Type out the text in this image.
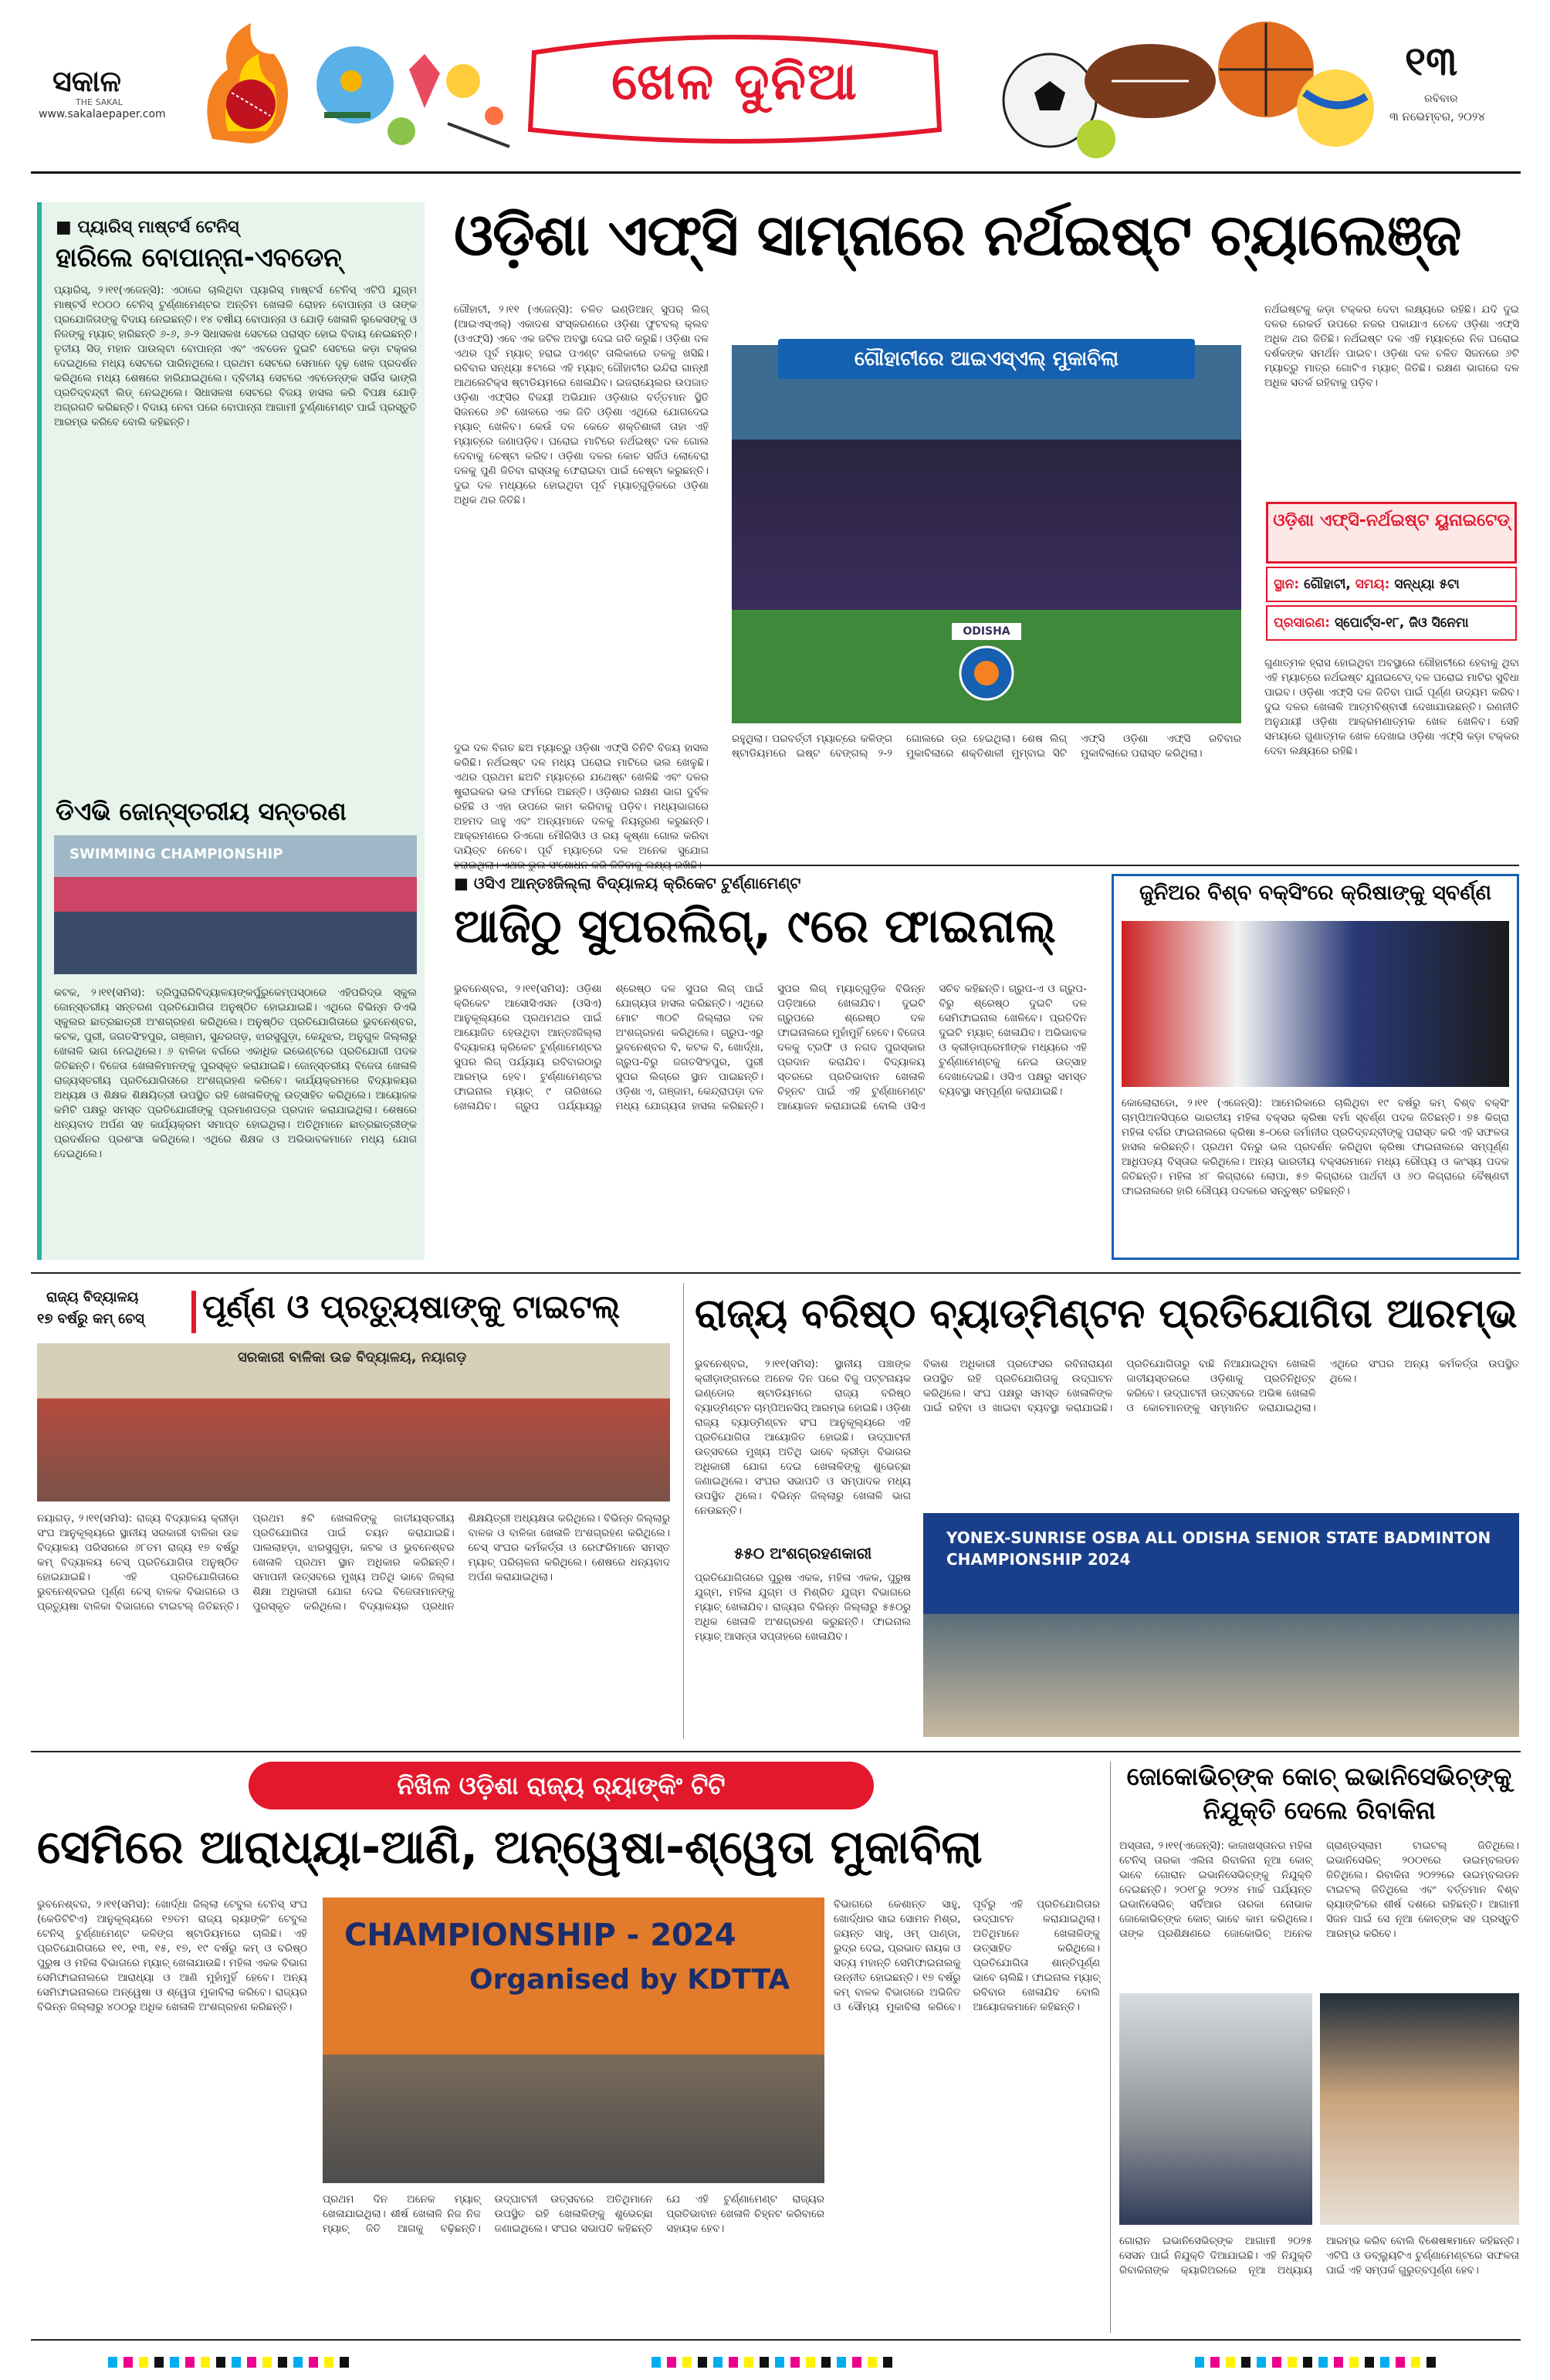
ସକାଳ
THE SAKAL
www.sakalaepaper.com
ଖେଳ ଦୁନିଆ	୧୩
ରବିବାର
୩ ନଭେମ୍ବର, ୨୦୨୪
■ ପ୍ୟାରିସ୍ ମାଷ୍ଟର୍ସ ଟେନିସ୍
ହାରିଲେ ବୋପାନ୍ନା-ଏବଡେନ୍
ପ୍ୟାରିସ୍, ୨।୧୧(ଏଜେନ୍ସି): ଏଠାରେ ଚାଲିଥିବା ପ୍ୟାରିସ୍ ମାଷ୍ଟର୍ସ ଟେନିସ୍ ଏଟିପି ଯୁଗ୍ମ ମାଷ୍ଟର୍ସ ୧୦୦୦ ଟେନିସ୍ ଟୁର୍ଣ୍ଣାମେଣ୍ଟର ଅନ୍ତିମ ଖେଳାଳି ରୋହନ ବୋପାନ୍ନା ଓ ତାଙ୍କ ପ୍ରଯୋଜିତାଙ୍କୁ ବିଦାୟ ନେଇଛନ୍ତି। ୧୪ ବର୍ଷୀୟ ବୋପାନ୍ନା ଓ ଯୋଡ଼ି ଖେଳାଳି ଲୁକେସଙ୍କୁ ଓ ନିଜଙ୍କୁ ମ୍ୟାଚ୍ ହାରିଛନ୍ତି ୬-୬, ୬-୨ ସିଧାସଳଖ ସେଟରେ ପରାସ୍ତ ହୋଇ ବିଦାୟ ନେଇଛନ୍ତି। ତୃତୀୟ ସିଡ୍ ମହାନ ପାଉଲ୍ଟା ବୋପାନ୍ନା ଏବଂ ଏବଡେନ ଦୁଇଟି ସେଟରେ କଡ଼ା ଟକ୍କର ଦେଇଥିଲେ ମଧ୍ୟ ସେଟରେ ପାରିନଥିଲେ। ପ୍ରଥମ ସେଟରେ ସେମାନେ ଦୃଢ଼ ଖେଳ ପ୍ରଦର୍ଶନ କରିଥିଲେ ମଧ୍ୟ ଶେଷରେ ହାରିଯାଇଥିଲେ। ଦ୍ବିତୀୟ ସେଟରେ ଏବଡେନ୍‌ଙ୍କ ସର୍ଭିସ ଭାଙ୍ଗି ପ୍ରତିଦ୍ବନ୍ଦ୍ବୀ ଲିଡ୍ ନେଇଥିଲେ। ସିଧାସଳଖ ସେଟରେ ବିଜୟ ହାସଲ କରି ବିପକ୍ଷ ଯୋଡ଼ି ଅଗ୍ରଗତି କରିଛନ୍ତି। ବିଦାୟ ନେବା ପରେ ବୋପାନ୍ନା ଆଗାମୀ ଟୁର୍ଣ୍ଣାମେଣ୍ଟ ପାଇଁ ପ୍ରସ୍ତୁତି ଆରମ୍ଭ କରିବେ ବୋଲି କହିଛନ୍ତି।
ଡିଏଭି ଜୋନ୍‌ସ୍ତରୀୟ ସନ୍ତରଣ
SWIMMING CHAMPIONSHIP
କଟକ, ୨।୧୧(ସମିସ): ତ୍ରିପୁରାରିବିଦ୍ୟାଳୟଙ୍କର୍ପୁରୁକେମ୍ପସ୍‌ଠାରେ ଏହିପରିଦ୍ଭ ସ୍କୁଲ ଜୋନ୍‌ସ୍ତରୀୟ ସନ୍ତରଣ ପ୍ରତିଯୋଗିତା ଅନୁଷ୍ଠିତ ହୋଇଯାଇଛି। ଏଥିରେ ବିଭିନ୍ନ ଡିଏଭି ସ୍କୁଲର ଛାତ୍ରଛାତ୍ରୀ ଅଂଶଗ୍ରହଣ କରିଥିଲେ। ଅନୁଷ୍ଠିତ ପ୍ରତିଯୋଗିତାରେ ଭୁବନେଶ୍ବର, କଟକ, ପୁରୀ, ଜଗତସିଂହପୁର, ଗଞ୍ଜାମ, ସୁନ୍ଦରଗଡ଼, ଝାରସୁଗୁଡ଼ା, କେନ୍ଦୁଝର, ଅନୁଗୁଳ ଜିଲ୍ଲାରୁ ଖେଳାଳି ଭାଗ ନେଇଥିଲେ। ୬ ବାଳିକା ବର୍ଗରେ ଏକାଧିକ ଇଭେଣ୍ଟରେ ପ୍ରତିଯୋଗୀ ପଦକ ଜିତିଛନ୍ତି। ବିଜେତା ଖେଳାଳିମାନଙ୍କୁ ପୁରସ୍କୃତ କରାଯାଇଛି। ଜୋନ୍‌ସ୍ତରୀୟ ବିଜେତା ଖେଳାଳି ରାଜ୍ୟସ୍ତରୀୟ ପ୍ରତିଯୋଗିତାରେ ଅଂଶଗ୍ରହଣ କରିବେ। କାର୍ଯ୍ୟକ୍ରମରେ ବିଦ୍ୟାଳୟର ଅଧ୍ୟକ୍ଷ ଓ ଶିକ୍ଷକ ଶିକ୍ଷୟିତ୍ରୀ ଉପସ୍ଥିତ ରହି ଖେଳାଳିଙ୍କୁ ଉତ୍ସାହିତ କରିଥିଲେ। ଆୟୋଜକ କମିଟି ପକ୍ଷରୁ ସମସ୍ତ ପ୍ରତିଯୋଗୀଙ୍କୁ ପ୍ରମାଣପତ୍ର ପ୍ରଦାନ କରାଯାଇଥିଲା। ଶେଷରେ ଧନ୍ୟବାଦ ଅର୍ପଣ ସହ କାର୍ଯ୍ୟକ୍ରମ ସମାପ୍ତ ହୋଇଥିଲା। ଅତିଥିମାନେ ଛାତ୍ରଛାତ୍ରୀଙ୍କ ପ୍ରଦର୍ଶନର ପ୍ରଶଂସା କରିଥିଲେ। ଏଥିରେ ଶିକ୍ଷକ ଓ ଅଭିଭାବକମାନେ ମଧ୍ୟ ଯୋଗ ଦେଇଥିଲେ।
ଓଡ଼ିଶା ଏଫ୍‌ସି ସାମ୍ନାରେ ନର୍ଥଇଷ୍ଟ ଚ୍ୟାଲେଞ୍ଜ
ଗୌହାଟୀ, ୨।୧୧ (ଏଜେନ୍ସି): ଚଳିତ ଇଣ୍ଡିଆନ୍ ସୁପର୍ ଲିଗ୍ (ଆଇଏସ୍‌ଏଲ୍) ଏକାଦଶ ସଂସ୍କରଣରେ ଓଡ଼ିଶା ଫୁଟବଲ୍ କ୍ଲବ (ଓଏଫ୍‌ସି) ଏବେ ଏକ ଜଟିଳ ଅବସ୍ଥା ଦେଇ ଗତି କରୁଛି। ଓଡ଼ିଶା ଦଳ ଏଥର ପୂର୍ବ ମ୍ୟାଚ୍ ହରାଇ ପଏଣ୍ଟ ତାଲିକାରେ ତଳକୁ ଖସିଛି। ରବିବାର ସନ୍ଧ୍ୟା ୫ଟାରେ ଏହି ମ୍ୟାଚ୍ ଗୌହାଟୀର ଇନ୍ଦିରା ଗାନ୍ଧୀ ଆଥଲେଟିକ୍ସ ଷ୍ଟାଡିୟମରେ ଖେଳାଯିବ। ଇଜରାୟେଲର ଉପଜାତ ଓଡ଼ିଶା ଏଫ୍‌ସିର ବିଜୟୀ ଅଭିଯାନ ଓଡ଼ିଶାର ବର୍ତ୍ତମାନ ସ୍ଥିତି ସିଜନରେ ୬ଟି ଖେଳରେ ଏକ ଜିତି ଓଡ଼ିଶା ଏଥିରେ ଯୋଗଦେଇ ମ୍ୟାଚ୍ ଖେଳିବ। କେଉଁ ଦଳ କେତେ ଶକ୍ତିଶାଳୀ ତାହା ଏହି ମ୍ୟାଚ୍‌ରେ ଜଣାପଡ଼ିବ। ଘରୋଇ ମାଟିରେ ନର୍ଥଇଷ୍ଟ ଦଳ ଗୋଲ ଦେବାକୁ ଚେଷ୍ଟା କରିବ। ଓଡ଼ିଶା ଦଳର କୋଚ ସର୍ଜିଓ ଲୋବେରା ଦଳକୁ ପୁଣି ଜିତିବା ରାସ୍ତାକୁ ଫେରାଇବା ପାଇଁ ଚେଷ୍ଟା କରୁଛନ୍ତି। ଦୁଇ ଦଳ ମଧ୍ୟରେ ହୋଇଥିବା ପୂର୍ବ ମ୍ୟାଚ୍‌ଗୁଡ଼ିକରେ ଓଡ଼ିଶା ଅଧିକ ଥର ଜିତିଛି।
ଗୌହାଟୀରେ ଆଇଏସ୍‌ଏଲ୍ ମୁକାବିଲା
ODISHA
ରହୁଥିଲା। ପରବର୍ତ୍ତୀ ମ୍ୟାଚ୍‌ରେ କଳିଙ୍ଗ ଷ୍ଟାଡିୟମରେ ଇଷ୍ଟ ବେଙ୍ଗଲ୍ ୨-୨ ଗୋଲରେ ଡ୍ର ହେଇଥିଲା। ଶେଷ ଲିଗ୍ ମୁକାବିଲାରେ ଶକ୍ତିଶାଳୀ ମୁମ୍ବାଇ ସିଟି ଏଫ୍‌ସି ଓଡ଼ିଶା ଏଫ୍‌ସି ରବିବାର ମୁକାବିଲାରେ ପରାସ୍ତ କରିଥିଲା।
ଦୁଇ ଦଳ ବିଗତ ଛଅ ମ୍ୟାଚ୍‌ରୁ ଓଡ଼ିଶା ଏଫ୍‌ସି ତିନିଟି ବିଜୟ ହାସଲ କରିଛି। ନର୍ଥଇଷ୍ଟ ଦଳ ମଧ୍ୟ ଘରୋଇ ମାଟିରେ ଭଲ ଖେଳୁଛି। ଏଥର ପ୍ରଥମ ଛଅଟି ମ୍ୟାଚ୍‌ରେ ଯଥେଷ୍ଟ ଖେଳିଛି ଏବଂ ଦଳର ଷ୍ଟ୍ରାଇକର ଭଲ ଫର୍ମରେ ଅଛନ୍ତି। ଓଡ଼ିଶାର ରକ୍ଷଣ ଭାଗ ଦୁର୍ବଳ ରହିଛି ଓ ଏହା ଉପରେ କାମ କରିବାକୁ ପଡ଼ିବ। ମଧ୍ୟଭାଗରେ ଅହମଦ ଜାହୁ ଏବଂ ଅନ୍ୟମାନେ ଦଳକୁ ନିୟନ୍ତ୍ରଣ କରୁଛନ୍ତି। ଆକ୍ରମଣରେ ଡିଏଗୋ ମୌରିସିଓ ଓ ରୟ କୃଷ୍ଣା ଗୋଲ କରିବା ଦାୟିତ୍ବ ନେବେ। ପୂର୍ବ ମ୍ୟାଚ୍‌ରେ ଦଳ ଅନେକ ସୁଯୋଗ ହରାଇଥିଲା। ଏଥର ଭୁଲ ସଂଶୋଧନ କରି ଜିତିବାକୁ ଲକ୍ଷ୍ୟ ରଖିଛି।
ନର୍ଥଇଷ୍ଟକୁ କଡ଼ା ଟକ୍କର ଦେବା ଲକ୍ଷ୍ୟରେ ରହିଛି। ଯଦି ଦୁଇ ଦଳର ରେକର୍ଡ ଉପରେ ନଜର ପକାଯାଏ ତେବେ ଓଡ଼ିଶା ଏଫ୍‌ସି ଅଧିକ ଥର ଜିତିଛି। ନର୍ଥଇଷ୍ଟ ଦଳ ଏହି ମ୍ୟାଚ୍‌ରେ ନିଜ ଘରୋଇ ଦର୍ଶକଙ୍କ ସମର୍ଥନ ପାଇବ। ଓଡ଼ିଶା ଦଳ ଚଳିତ ସିଜନରେ ୬ଟି ମ୍ୟାଚ୍‌ରୁ ମାତ୍ର ଗୋଟିଏ ମ୍ୟାଚ୍ ଜିତିଛି। ରକ୍ଷଣ ଭାଗରେ ଦଳ ଅଧିକ ସତର୍କ ରହିବାକୁ ପଡ଼ିବ।
ଓଡ଼ିଶା ଏଫ୍‌ସି-ନର୍ଥଇଷ୍ଟ ୟୁନାଇଟେଡ୍
ସ୍ଥାନ: ଗୌହାଟୀ, ସମୟ: ସନ୍ଧ୍ୟା ୫ଟା
ପ୍ରସାରଣ: ସ୍ପୋର୍ଟ୍ସ-୧୮, ଜିଓ ସିନେମା
ଗୁଣାତ୍ମକ ହ୍ରାସ ହୋଇଥିବା ଅବସ୍ଥାରେ ଗୌହାଟୀରେ ହେବାକୁ ଥିବା ଏହି ମ୍ୟାଚ୍‌ରେ ନର୍ଥଇଷ୍ଟ ଯୁନାଇଟେଡ୍ ଦଳ ଘରୋଇ ମାଟିର ସୁବିଧା ପାଇବ। ଓଡ଼ିଶା ଏଫ୍‌ସି ଦଳ ଜିତିବା ପାଇଁ ପୂର୍ଣ୍ଣ ଉଦ୍ୟମ କରିବ। ଦୁଇ ଦଳର ଖେଳାଳି ଆତ୍ମବିଶ୍ବାସୀ ଦେଖାଯାଉଛନ୍ତି। ରଣନୀତି ଅନୁଯାୟୀ ଓଡ଼ିଶା ଆକ୍ରମଣାତ୍ମକ ଖେଳ ଖେଳିବ। ସେହି ସମୟରେ ଗୁଣାତ୍ମକ ଖେଳ ଦେଖାଇ ଓଡ଼ିଶା ଏଫ୍‌ସି କଡ଼ା ଟକ୍କର ଦେବା ଲକ୍ଷ୍ୟରେ ରହିଛି।
■ ଓସିଏ ଆନ୍ତଃଜିଲ୍ଲା ବିଦ୍ୟାଳୟ କ୍ରିକେଟ ଟୁର୍ଣ୍ଣାମେଣ୍ଟ
ଆଜିଠୁ ସୁପରଲିଗ୍, ୯ରେ ଫାଇନାଲ୍
ଭୁବନେଶ୍ବର, ୨।୧୧(ସମିସ): ଓଡ଼ିଶା କ୍ରିକେଟ ଆସୋସିଏସନ (ଓସିଏ) ଆନୁକୂଲ୍ୟରେ ପ୍ରଥମଥର ପାଇଁ ଆୟୋଜିତ ହେଉଥିବା ଆନ୍ତଃଜିଲ୍ଲା ବିଦ୍ୟାଳୟ କ୍ରିକେଟ ଟୁର୍ଣ୍ଣାମେଣ୍ଟର ସୁପର ଲିଗ୍ ପର୍ଯ୍ୟାୟ ରବିବାରଠାରୁ ଆରମ୍ଭ ହେବ। ଟୁର୍ଣ୍ଣାମେଣ୍ଟର ଫାଇନାଲ ମ୍ୟାଚ୍ ୯ ତାରିଖରେ ଖେଳାଯିବ। ଗ୍ରୁପ ପର୍ଯ୍ୟାୟରୁ ଶ୍ରେଷ୍ଠ ଦଳ ସୁପର ଲିଗ୍ ପାଇଁ ଯୋଗ୍ୟତା ହାସଲ କରିଛନ୍ତି। ଏଥିରେ ମୋଟ ୩୦ଟି ଜିଲ୍ଲାର ଦଳ ଅଂଶଗ୍ରହଣ କରିଥିଲେ। ଗ୍ରୁପ-ଏରୁ ଭୁବନେଶ୍ବର ବି, କଟକ ବି, ଖୋର୍ଦ୍ଧା, ଗ୍ରୁପ-ବିରୁ ଜଗତସିଂହପୁର, ପୁରୀ ସୁପର ଲିଗ୍‌ରେ ସ୍ଥାନ ପାଇଛନ୍ତି। ଓଡ଼ିଶା ଏ, ଗଞ୍ଜାମ, କେନ୍ଦ୍ରାପଡ଼ା ଦଳ ମଧ୍ୟ ଯୋଗ୍ୟତା ହାସଲ କରିଛନ୍ତି। ସୁପର ଲିଗ୍ ମ୍ୟାଚ୍‌ଗୁଡ଼ିକ ବିଭିନ୍ନ ପଡ଼ିଆରେ ଖେଳାଯିବ। ଦୁଇଟି ଗ୍ରୁପରେ ଶ୍ରେଷ୍ଠ ଦଳ ଫାଇନାଲରେ ମୁହାଁମୁହିଁ ହେବେ। ବିଜେତା ଦଳକୁ ଟ୍ରଫି ଓ ନଗଦ ପୁରସ୍କାର ପ୍ରଦାନ କରାଯିବ। ବିଦ୍ୟାଳୟ ସ୍ତରରେ ପ୍ରତିଭାବାନ ଖେଳାଳି ଚିହ୍ନଟ ପାଇଁ ଏହି ଟୁର୍ଣ୍ଣାମେଣ୍ଟ ଆୟୋଜନ କରାଯାଇଛି ବୋଲି ଓସିଏ ସଚିବ କହିଛନ୍ତି। ଗ୍ରୁପ-ଏ ଓ ଗ୍ରୁପ-ବିରୁ ଶ୍ରେଷ୍ଠ ଦୁଇଟି ଦଳ ସେମିଫାଇନାଲ ଖେଳିବେ। ପ୍ରତିଦିନ ଦୁଇଟି ମ୍ୟାଚ୍ ଖେଳାଯିବ। ଅଭିଭାବକ ଓ କ୍ରୀଡ଼ାପ୍ରେମୀଙ୍କ ମଧ୍ୟରେ ଏହି ଟୁର୍ଣ୍ଣାମେଣ୍ଟକୁ ନେଇ ଉତ୍ସାହ ଦେଖାଦେଇଛି। ଓସିଏ ପକ୍ଷରୁ ସମସ୍ତ ବ୍ୟବସ୍ଥା ସମ୍ପୂର୍ଣ୍ଣ କରାଯାଇଛି।
ଜୁନିଅର ବିଶ୍ବ ବକ୍ସିଂରେ କ୍ରିଷାଙ୍କୁ ସ୍ବର୍ଣ୍ଣ
କୋଲୋରାଡୋ, ୨।୧୧ (ଏଜେନ୍ସି): ଆମେରିକାରେ ଚାଲିଥିବା ୧୯ ବର୍ଷରୁ କମ୍ ବିଶ୍ବ ବକ୍ସିଂ ଚାମ୍ପିଅନସିପ୍‌ରେ ଭାରତୀୟ ମହିଳା ବକ୍ସର କ୍ରିଷା ବର୍ମା ସ୍ବର୍ଣ୍ଣ ପଦକ ଜିତିଛନ୍ତି। ୭୫ କିଗ୍ରା ମହିଳା ବର୍ଗର ଫାଇନାଲରେ କ୍ରିଷା ୫-୦ରେ ଜର୍ମାନୀର ପ୍ରତିଦ୍ବନ୍ଦ୍ବୀଙ୍କୁ ପରାସ୍ତ କରି ଏହି ସଫଳତା ହାସଲ କରିଛନ୍ତି। ପ୍ରଥମ ଦିନରୁ ଭଲ ପ୍ରଦର୍ଶନ କରିଥିବା କ୍ରିଷା ଫାଇନାଲରେ ସମ୍ପୂର୍ଣ୍ଣ ଆଧିପତ୍ୟ ବିସ୍ତାର କରିଥିଲେ। ଅନ୍ୟ ଭାରତୀୟ ବକ୍ସରମାନେ ମଧ୍ୟ ରୌପ୍ୟ ଓ କାଂସ୍ୟ ପଦକ ଜିତିଛନ୍ତି। ମହିଳା ୪୮ କିଗ୍ରାରେ ଲୋପା, ୫୭ କିଗ୍ରାରେ ପାର୍ଥବୀ ଓ ୬୦ କିଗ୍ରାରେ ବୈଷ୍ଣବୀ ଫାଇନାଲରେ ହାରି ରୌପ୍ୟ ପଦକରେ ସନ୍ତୁଷ୍ଟ ରହିଛନ୍ତି।
ରାଜ୍ୟ ବିଦ୍ୟାଳୟ
୧୭ ବର୍ଷରୁ କମ୍ ଚେସ୍ ପୂର୍ଣ୍ଣ ଓ ପ୍ରତ୍ୟୁଷାଙ୍କୁ ଟାଇଟଲ୍
ସରକାରୀ ବାଳିକା ଉଚ୍ଚ ବିଦ୍ୟାଳୟ, ନୟାଗଡ଼
ନୟାଗଡ଼, ୨।୧୧(ସମିସ): ରାଜ୍ୟ ବିଦ୍ୟାଳୟ କ୍ରୀଡ଼ା ସଂଘ ଆନୁକୂଲ୍ୟରେ ସ୍ଥାନୀୟ ସରକାରୀ ବାଳିକା ଉଚ୍ଚ ବିଦ୍ୟାଳୟ ପରିସରରେ ୬୮ତମ ରାଜ୍ୟ ୧୭ ବର୍ଷରୁ କମ୍ ବିଦ୍ୟାଳୟ ଚେସ୍ ପ୍ରତିଯୋଗିତା ଅନୁଷ୍ଠିତ ହୋଇଯାଇଛି। ଏହି ପ୍ରତିଯୋଗିତାରେ ଭୁବନେଶ୍ବରର ପୂର୍ଣ୍ଣ ଚେସ୍ ବାଳକ ବିଭାଗରେ ଓ ପ୍ରତ୍ୟୁଷା ବାଳିକା ବିଭାଗରେ ଟାଇଟଲ୍ ଜିତିଛନ୍ତି। ପ୍ରଥମ ୫ଟି ଖେଳାଳିଙ୍କୁ ଜାତୀୟସ୍ତରୀୟ ପ୍ରତିଯୋଗିତା ପାଇଁ ଚୟନ କରାଯାଇଛି। ପାଲଲାହଡ଼ା, ଝାରସୁଗୁଡ଼ା, କଟକ ଓ ଭୁବନେଶ୍ବର ଖେଳାଳି ପ୍ରଥମ ସ୍ଥାନ ଅଧିକାର କରିଛନ୍ତି। ସମାପନୀ ଉତ୍ସବରେ ମୁଖ୍ୟ ଅତିଥି ଭାବେ ଜିଲ୍ଲା ଶିକ୍ଷା ଅଧିକାରୀ ଯୋଗ ଦେଇ ବିଜେତାମାନଙ୍କୁ ପୁରସ୍କୃତ କରିଥିଲେ। ବିଦ୍ୟାଳୟର ପ୍ରଧାନ ଶିକ୍ଷୟିତ୍ରୀ ଅଧ୍ୟକ୍ଷତା କରିଥିଲେ। ବିଭିନ୍ନ ଜିଲ୍ଲାରୁ ବାଳକ ଓ ବାଳିକା ଖେଳାଳି ଅଂଶଗ୍ରହଣ କରିଥିଲେ। ଚେସ୍ ସଂଘର କର୍ମକର୍ତ୍ତା ଓ ରେଫରିମାନେ ସମସ୍ତ ମ୍ୟାଚ୍ ପରିଚାଳନା କରିଥିଲେ। ଶେଷରେ ଧନ୍ୟବାଦ ଅର୍ପଣ କରାଯାଇଥିଲା।
ରାଜ୍ୟ ବରିଷ୍ଠ ବ୍ୟାଡ୍‌ମିଣ୍ଟନ ପ୍ରତିଯୋଗିତା ଆରମ୍ଭ
ଭୁବନେଶ୍ବର, ୨।୧୧(ସମିସ): ସ୍ଥାନୀୟ ପଞ୍ଚାଙ୍କ କ୍ରୀଡ଼ାଙ୍ଗନରେ ଅନେକ ଦିନ ପରେ ବିଜୁ ପଟ୍ଟନାୟକ ଇଣ୍ଡୋର ଷ୍ଟାଡିୟମରେ ରାଜ୍ୟ ବରିଷ୍ଠ ବ୍ୟାଡ୍‌ମିଣ୍ଟନ ଚାମ୍ପିଅନସିପ୍ ଆରମ୍ଭ ହୋଇଛି। ଓଡ଼ିଶା ରାଜ୍ୟ ବ୍ୟାଡ୍‌ମିଣ୍ଟନ ସଂଘ ଆନୁକୂଲ୍ୟରେ ଏହି ପ୍ରତିଯୋଗିତା ଆୟୋଜିତ ହୋଇଛି। ଉଦ୍‌ଘାଟନୀ ଉତ୍ସବରେ ମୁଖ୍ୟ ଅତିଥି ଭାବେ କ୍ରୀଡ଼ା ବିଭାଗର ଅଧିକାରୀ ଯୋଗ ଦେଇ ଖେଳାଳିଙ୍କୁ ଶୁଭେଚ୍ଛା ଜଣାଇଥିଲେ। ସଂଘର ସଭାପତି ଓ ସମ୍ପାଦକ ମଧ୍ୟ ଉପସ୍ଥିତ ଥିଲେ। ବିଭିନ୍ନ ଜିଲ୍ଲାରୁ ଖେଳାଳି ଭାଗ ନେଉଛନ୍ତି।
ବିକାଶ ଅଧିକାରୀ ପ୍ରଫେସର ରବିନାରାୟଣ ଉପସ୍ଥିତ ରହି ପ୍ରତିଯୋଗିତାକୁ ଉଦ୍‌ଘାଟନ କରିଥିଲେ। ସଂଘ ପକ୍ଷରୁ ସମସ୍ତ ଖେଳାଳିଙ୍କ ପାଇଁ ରହିବା ଓ ଖାଇବା ବ୍ୟବସ୍ଥା କରାଯାଇଛି। ପ୍ରତିଯୋଗିତାରୁ ବାଛି ନିଆଯାଇଥିବା ଖେଳାଳି ଜାତୀୟସ୍ତରରେ ଓଡ଼ିଶାକୁ ପ୍ରତିନିଧିତ୍ବ କରିବେ। ଉଦ୍‌ଘାଟନୀ ଉତ୍ସବରେ ଅଭିଜ୍ଞ ଖେଳାଳି ଓ କୋଚମାନଙ୍କୁ ସମ୍ମାନିତ କରାଯାଇଥିଲା। ଏଥିରେ ସଂଘର ଅନ୍ୟ କର୍ମକର୍ତ୍ତା ଉପସ୍ଥିତ ଥିଲେ।
୫୫୦ ଅଂଶଗ୍ରହଣକାରୀ
ପ୍ରତିଯୋଗିତାରେ ପୁରୁଷ ଏକକ, ମହିଳା ଏକକ, ପୁରୁଷ ଯୁଗ୍ମ, ମହିଳା ଯୁଗ୍ମ ଓ ମିଶ୍ରିତ ଯୁଗ୍ମ ବିଭାଗରେ ମ୍ୟାଚ୍ ଖେଳାଯିବ। ରାଜ୍ୟର ବିଭିନ୍ନ ଜିଲ୍ଲାରୁ ୫୫୦ରୁ ଅଧିକ ଖେଳାଳି ଅଂଶଗ୍ରହଣ କରୁଛନ୍ତି। ଫାଇନାଲ ମ୍ୟାଚ୍ ଆସନ୍ତା ସପ୍ତାହରେ ଖେଳାଯିବ।
YONEX-SUNRISE OSBA ALL ODISHA SENIOR STATE BADMINTON CHAMPIONSHIP 2024
ନିଖିଳ ଓଡ଼ିଶା ରାଜ୍ୟ ର‍୍ୟାଙ୍କିଂ ଟିଟି
ସେମିରେ ଆରାଧ୍ୟା-ଆଣି, ଅନ୍ୱେଷା-ଶ୍ୱେତା ମୁକାବିଲା
ଭୁବନେଶ୍ବର, ୨।୧୧(ସମିସ): ଖୋର୍ଦ୍ଧା ଜିଲ୍ଲା ଟେବୁଲ ଟେନିସ୍ ସଂଘ (କେଡିଟିଟିଏ) ଆନୁକୂଲ୍ୟରେ ୧୭ତମ ରାଜ୍ୟ ର‍୍ୟାଙ୍କିଂ ଟେବୁଲ ଟେନିସ୍ ଟୁର୍ଣ୍ଣାମେଣ୍ଟ କଳିଙ୍ଗ ଷ୍ଟାଡିୟମରେ ଚାଲିଛି। ଏହି ପ୍ରତିଯୋଗିତାରେ ୧୧, ୧୩, ୧୫, ୧୭, ୧୯ ବର୍ଷରୁ କମ୍ ଓ ବରିଷ୍ଠ ପୁରୁଷ ଓ ମହିଳା ବିଭାଗରେ ମ୍ୟାଚ୍ ଖେଳାଯାଉଛି। ମହିଳା ଏକକ ବିଭାଗ ସେମିଫାଇନାଲରେ ଆରାଧ୍ୟା ଓ ଆଣି ମୁହାଁମୁହିଁ ହେବେ। ଅନ୍ୟ ସେମିଫାଇନାଲରେ ଅନ୍ୱେଷା ଓ ଶ୍ୱେତା ମୁକାବିଲା କରିବେ। ରାଜ୍ୟର ବିଭିନ୍ନ ଜିଲ୍ଲାରୁ ୪୦୦ରୁ ଅଧିକ ଖେଳାଳି ଅଂଶଗ୍ରହଣ କରିଛନ୍ତି।
CHAMPIONSHIP - 2024
Organised by KDTTA
ପ୍ରଥମ ଦିନ ଅନେକ ମ୍ୟାଚ୍ ଖେଳାଯାଇଥିଲା। ଶୀର୍ଷ ଖେଳାଳି ନିଜ ନିଜ ମ୍ୟାଚ୍ ଜିତି ଆଗକୁ ବଢ଼ିଛନ୍ତି। ଉଦ୍‌ଘାଟନୀ ଉତ୍ସବରେ ଅତିଥିମାନେ ଉପସ୍ଥିତ ରହି ଖେଳାଳିଙ୍କୁ ଶୁଭେଚ୍ଛା ଜଣାଇଥିଲେ। ସଂଘର ସଭାପତି କହିଛନ୍ତି ଯେ ଏହି ଟୁର୍ଣ୍ଣାମେଣ୍ଟ ରାଜ୍ୟର ପ୍ରତିଭାବାନ ଖେଳାଳି ଚିହ୍ନଟ କରିବାରେ ସହାୟକ ହେବ।
ବିଭାଗରେ କେଶାନ୍ତ ସାହୁ, ଖୋର୍ଦ୍ଧାର ସାଇ ସୋମନ ମିଶ୍ର, ଜୟନ୍ତ ସାହୁ, ଓମ୍ ପାଣ୍ଡା, ରୁଦ୍ର ଦେଇ, ପ୍ରଭାତ ନାୟକ ଓ ସତ୍ୟ ମହାନ୍ତି ସେମିଫାଇନାଲକୁ ଉନ୍ନୀତ ହୋଇଛନ୍ତି। ୧୭ ବର୍ଷରୁ କମ୍ ବାଳକ ବିଭାଗରେ ଅଭିଜିତ ଓ ସୌମ୍ୟ ମୁକାବିଲା କରିବେ। ପୂର୍ବରୁ ଏହି ପ୍ରତିଯୋଗିତାର ଉଦ୍‌ଘାଟନ କରାଯାଇଥିଲା। ଅତିଥିମାନେ ଖେଳାଳିଙ୍କୁ ଉତ୍ସାହିତ କରିଥିଲେ। ପ୍ରତିଯୋଗିତା ଶାନ୍ତିପୂର୍ଣ୍ଣ ଭାବେ ଚାଲିଛି। ଫାଇନାଲ ମ୍ୟାଚ୍ ରବିବାର ଖେଳାଯିବ ବୋଲି ଆୟୋଜକମାନେ କହିଛନ୍ତି।
ଜୋକୋଭିଚ୍‌ଙ୍କ କୋଚ୍ ଇଭାନିସେଭିଚ୍‌ଙ୍କୁ
ନିଯୁକ୍ତି ଦେଲେ ରିବାକିନା
ଅସ୍ତାନା, ୨।୧୧(ଏଜେନ୍ସି): କାଜାଖସ୍ତାନର ମହିଳା ଟେନିସ୍ ତାରକା ଏଲିନା ରିବାକିନା ନୂଆ କୋଚ୍ ଭାବେ ଗୋରାନ ଇଭାନିସେଭିଚ୍‌ଙ୍କୁ ନିଯୁକ୍ତି ଦେଇଛନ୍ତି। ୨୦୧୮ରୁ ୨୦୨୪ ମାର୍ଚ୍ଚ ପର୍ଯ୍ୟନ୍ତ ଇଭାନିସେଭିଚ୍ ସର୍ବିଆର ତାରକା ନୋଭାକ ଜୋକୋଭିଚ୍‌ଙ୍କ କୋଚ୍ ଭାବେ କାମ କରିଥିଲେ। ତାଙ୍କ ପ୍ରଶିକ୍ଷଣରେ ଜୋକୋଭିଚ୍ ଅନେକ ଗ୍ରାଣ୍ଡସ୍ଲାମ ଟାଇଟଲ୍ ଜିତିଥିଲେ। ଇଭାନିସେଭିଚ୍ ୨୦୦୧ରେ ଉଇମ୍ବଲଡନ ଜିତିଥିଲେ। ରିବାକିନା ୨୦୨୨ରେ ଉଇମ୍ବଲଡନ ଟାଇଟଲ୍ ଜିତିଥିଲେ ଏବଂ ବର୍ତ୍ତମାନ ବିଶ୍ବ ର‍୍ୟାଙ୍କିଂରେ ଶୀର୍ଷ ଦଶରେ ରହିଛନ୍ତି। ଆଗାମୀ ସିଜନ ପାଇଁ ସେ ନୂଆ କୋଚ୍‌ଙ୍କ ସହ ପ୍ରସ୍ତୁତି ଆରମ୍ଭ କରିବେ।
ଗୋରାନ ଇଭାନିସେଭିଚ୍‌ଙ୍କ ଆଗାମୀ ୨୦୨୫ ସେସନ ପାଇଁ ନିଯୁକ୍ତି ଦିଆଯାଇଛି। ଏହି ନିଯୁକ୍ତି ରିବାକିନାଙ୍କ କ୍ୟାରିଅରରେ ନୂଆ ଅଧ୍ୟାୟ ଆରମ୍ଭ କରିବ ବୋଲି ବିଶେଷଜ୍ଞମାନେ କହିଛନ୍ତି। ଏଟିପି ଓ ଡବ୍ଲ୍ୟୁଟିଏ ଟୁର୍ଣ୍ଣାମେଣ୍ଟରେ ସଫଳତା ପାଇଁ ଏହି ସମ୍ପର୍କ ଗୁରୁତ୍ବପୂର୍ଣ୍ଣ ହେବ।
